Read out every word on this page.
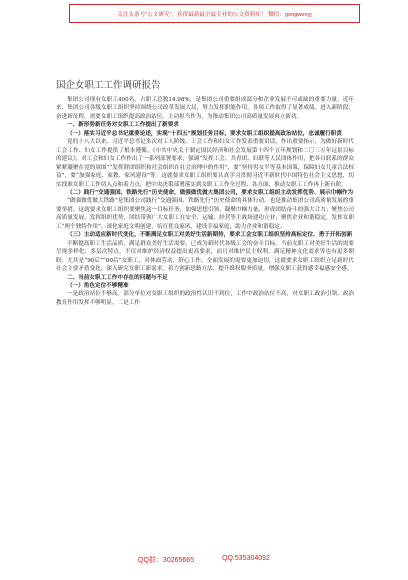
关注头条号“公文研究”，获得最新最全最专业的公文资料库！ 微信：gongwenyj
国企女职工工作调研报告

集团公司现有女职工400名，占职工总数14.98%，是集团公司重要组成部分和企业发展不可或缺的重要力量。近年来，集团公司各级女职工组织坚持围绕公司改革发展大局，努力发挥职能作用，各项工作取得了显著成绩。进入新阶段，奋进新征程，需要女职工组织提高政治站位，主动担当作为，为推动集团公司高质量发展再立新功。

一、新形势新任务对女职工工作提出了新要求
（一）落实习近平总书记重要论述，实现“十四五”规划任务目标，要求女职工组织提高政治站位，忠诚履行职责

党的十八大以来，习近平总书记多次对工人阶级、工会工作和妇女工作发表重要讲话、作出重要指示，为做好新时代工会工作、妇女工作提供了根本遵循。《中共中央关于制定国民经济和社会发展第十四个五年规划和二〇三五年远景目标的建议》，对工会和妇女工作作出了一系列部署要求，强调“发挥工会、共青团、妇联等人民团体作用，把各自联系的群众紧紧凝聚在党的周围”“发挥群团组织和社会组织在社会治理中的作用”，要“坚持男女平等基本国策，保障妇女儿童合法权益”，要“加强家庭、家教、家风建设”等。这就要求女职工组织要认真学习贯彻习近平新时代中国特色社会主义思想，切实找准女职工工作切入点和着力点，把中央决策部署落实到女职工工作全过程、各方面，推动女职工工作再上新台阶。

（二）践行“交通强国、铁路先行”历史使命，做强做优做大集团公司，要求女职工组织主动发挥优势、展示巾帼作为

“做强做优做大铁路”是集团公司践行“交通强国、铁路先行”历史使命的具体行动，也是推动集团公司高质量发展的重要举措。这就要求女职工组织要聚焦这一目标任务，加强思想引领，凝聚巾帼力量，形成团结奋斗的强大合力；聚焦公司高质量发展，发挥组织优势，团结带领广大女职工在安全、运输、经营等主战场建功立业；聚焦企业和谐稳定，发挥女职工“两个独特作用”，深化家庭文明创建，培育优良家风，建设幸福家庭，助力企业和谐稳定。

（三）主动适应新时代变化，不断满足女职工对美好生活新期待，要求工会女职工组织坚持高标定位、勇于开拓创新

不断提高职工生活品质、满足群众美好生活需要，已成为新时代各级工会的奋斗目标。当前女职工对美好生活的需要呈现多样化、多层次特点，不仅对维护经济权益提出更高要求，而且对维护民主权利、满足精神文化需求等也有更多期盼，尤其是“90后”“00后”女职工，对体面劳动、舒心工作、全面发展的需要更加迫切，这就要求女职工组织立足新时代社会主要矛盾变化，深入研究女职工新需求，着力创新思路方法，提升维权服务质量，增强女职工获得感幸福感安全感。

二、当前女职工工作中存在的问题与不足
（一）角色定位不够精准

一是政治站位不够高。部分单位对女职工组织的政治性认识不到位，工作中政治站位不高，对女职工政治引领、政治教育作用发挥不够明显。二是工作

QQ群：30265665	QQ:535304092
